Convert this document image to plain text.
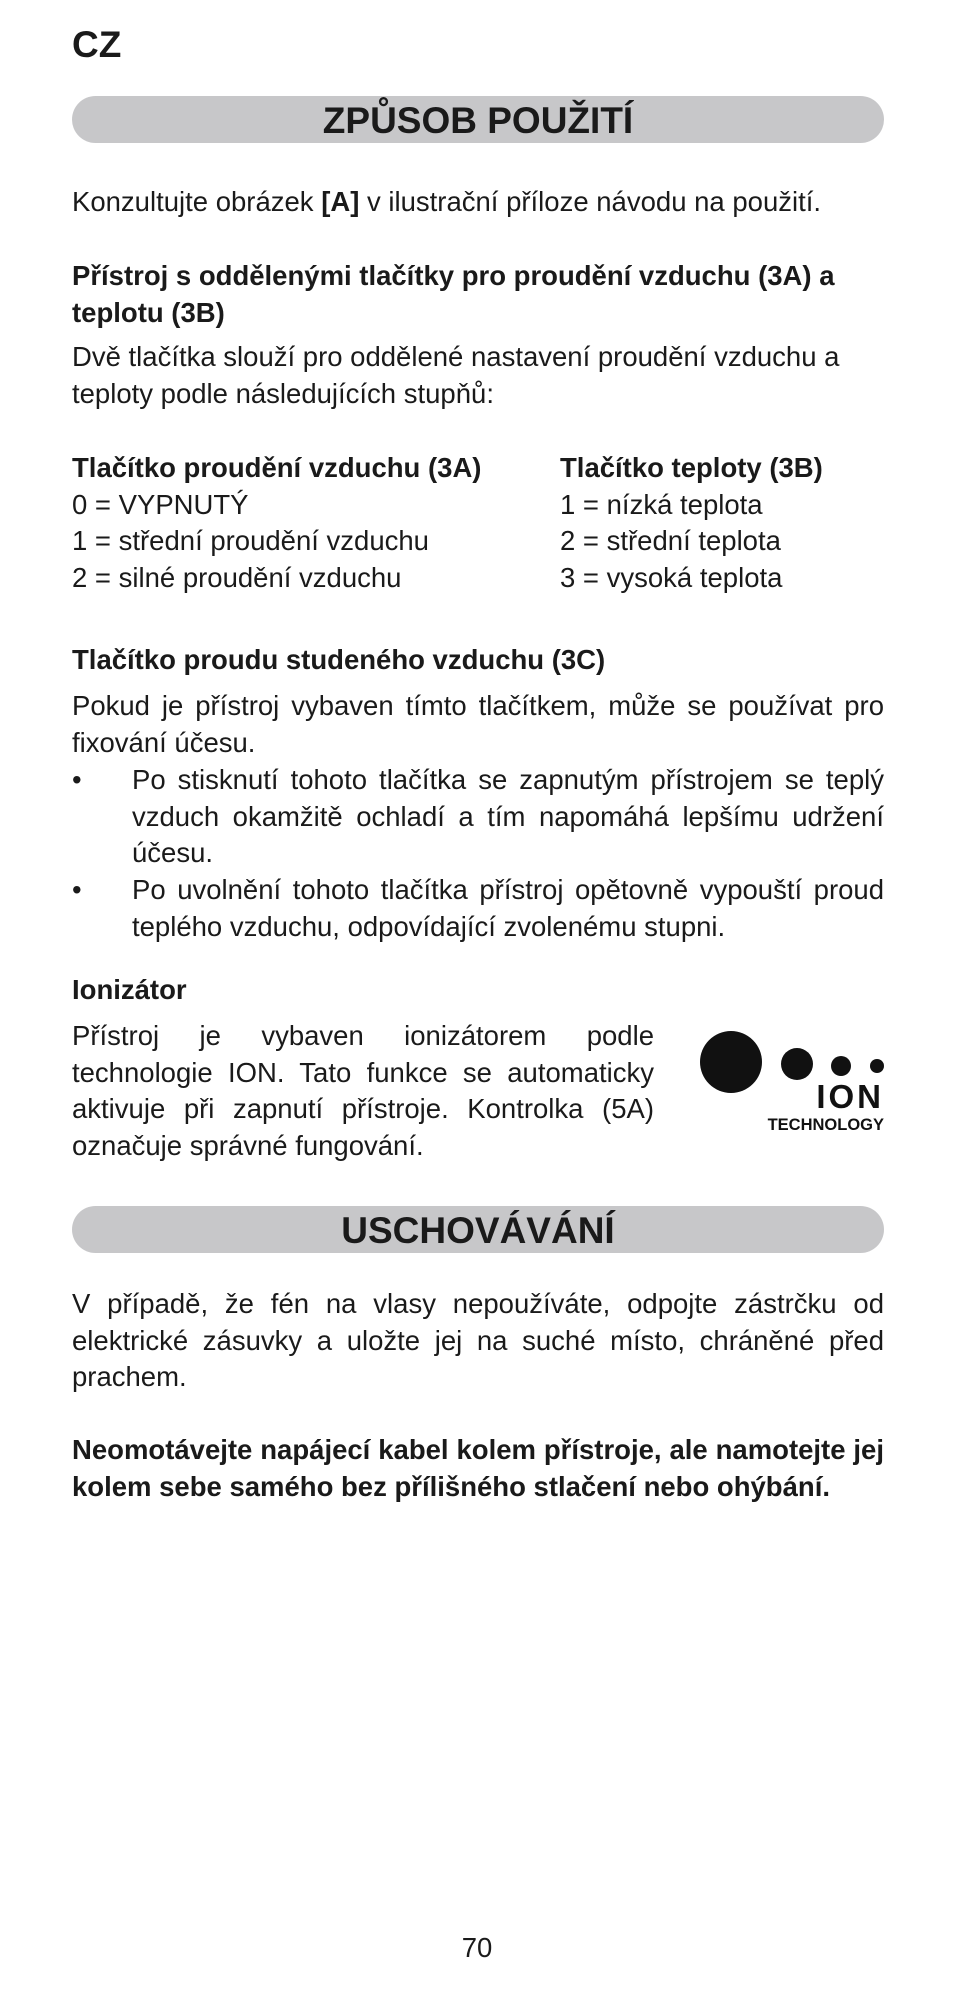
CZ
ZPŮSOB POUŽITÍ

Konzultujte obrázek [A] v ilustrační příloze návodu na použití.

Přístroj s oddělenými tlačítky pro proudění vzduchu (3A) a teplotu (3B)

Dvě tlačítka slouží pro oddělené nastavení proudění vzduchu a teploty podle následujících stupňů:

Tlačítko proudění vzduchu (3A)
0 = VYPNUTÝ
1 = střední proudění vzduchu
2 = silné proudění vzduchu
Tlačítko teploty (3B)
1 = nízká teplota
2 = střední teplota
3 = vysoká teplota
Tlačítko proudu studeného vzduchu (3C)

Pokud je přístroj vybaven tímto tlačítkem, může se používat pro fixování účesu.

• Po stisknutí tohoto tlačítka se zapnutým přístrojem se teplý vzduch okamžitě ochladí a tím napomáhá lepšímu udržení účesu.
• Po uvolnění tohoto tlačítka přístroj opětovně vypouští proud teplého vzduchu, odpovídající zvolenému stupni.
Ionizátor

Přístroj je vybaven ionizátorem podle technologie ION. Tato funkce se automaticky aktivuje při zapnutí přístroje. Kontrolka (5A) označuje správné fungování.

ION
TECHNOLOGY
USCHOVÁVÁNÍ

V případě, že fén na vlasy nepoužíváte, odpojte zástrčku od elektrické zásuvky a uložte jej na suché místo, chráněné před prachem.

Neomotávejte napájecí kabel kolem přístroje, ale namotejte jej kolem sebe samého bez přílišného stlačení nebo ohýbání.

70
